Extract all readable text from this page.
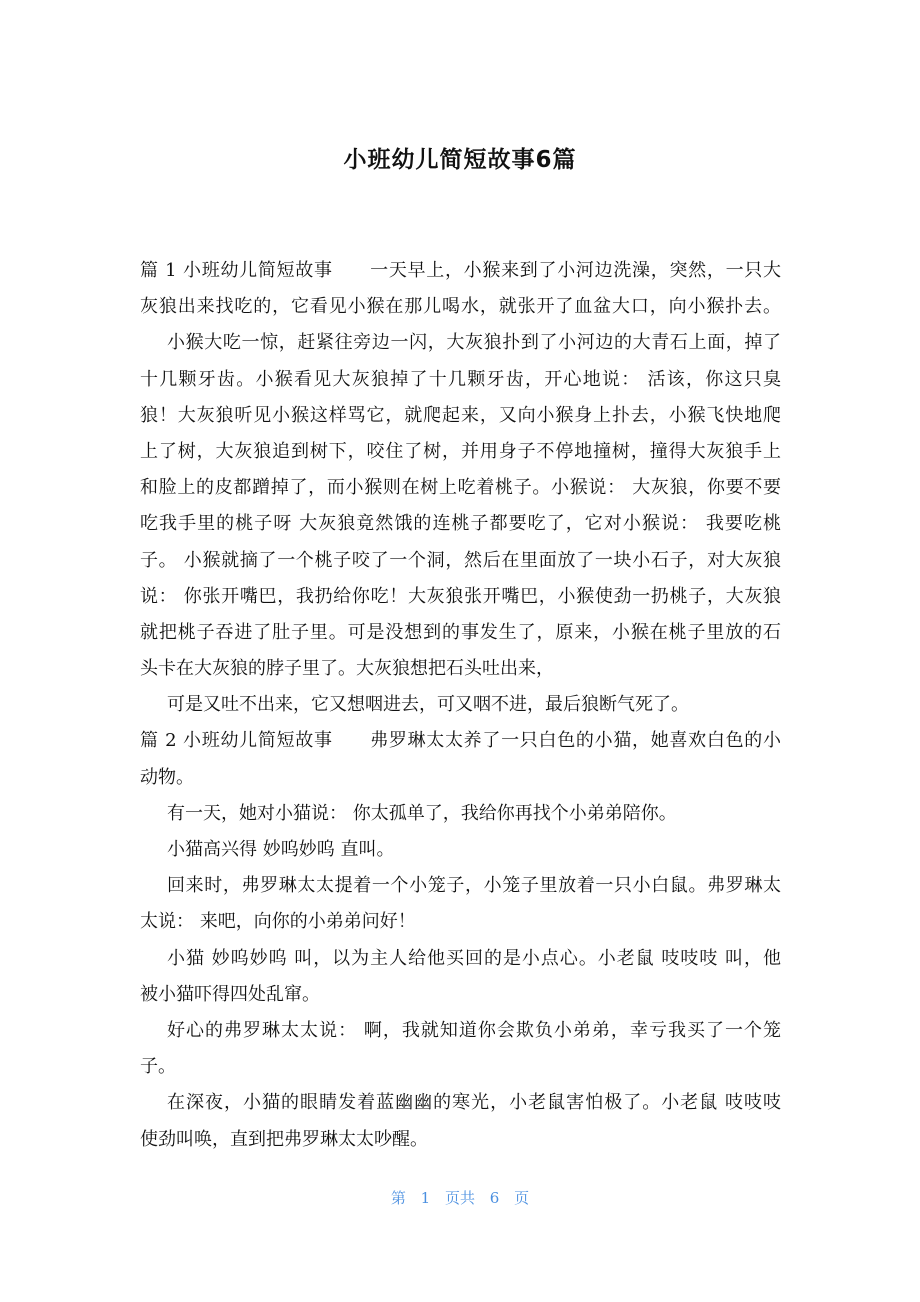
小班幼儿简短故事6篇
篇 1 小班幼儿简短故事　　一天早上，小猴来到了小河边洗澡，突然，一只大
灰狼出来找吃的，它看见小猴在那儿喝水，就张开了血盆大口，向小猴扑去。
小猴大吃一惊，赶紧往旁边一闪，大灰狼扑到了小河边的大青石上面，掉了
十几颗牙齿。小猴看见大灰狼掉了十几颗牙齿，开心地说： 活该，你这只臭
狼！大灰狼听见小猴这样骂它，就爬起来，又向小猴身上扑去，小猴飞快地爬
上了树，大灰狼追到树下，咬住了树，并用身子不停地撞树，撞得大灰狼手上
和脸上的皮都蹭掉了，而小猴则在树上吃着桃子。小猴说： 大灰狼，你要不要
吃我手里的桃子呀 大灰狼竟然饿的连桃子都要吃了，它对小猴说： 我要吃桃
子。 小猴就摘了一个桃子咬了一个洞，然后在里面放了一块小石子，对大灰狼
说： 你张开嘴巴，我扔给你吃！大灰狼张开嘴巴，小猴使劲一扔桃子，大灰狼
就把桃子吞进了肚子里。可是没想到的事发生了，原来，小猴在桃子里放的石
头卡在大灰狼的脖子里了。大灰狼想把石头吐出来，
可是又吐不出来，它又想咽进去，可又咽不进，最后狼断气死了。
篇 2 小班幼儿简短故事　　弗罗琳太太养了一只白色的小猫，她喜欢白色的小
动物。
有一天，她对小猫说： 你太孤单了，我给你再找个小弟弟陪你。
小猫高兴得 妙呜妙呜 直叫。
回来时，弗罗琳太太提着一个小笼子，小笼子里放着一只小白鼠。弗罗琳太
太说： 来吧，向你的小弟弟问好！
小猫 妙呜妙呜 叫，以为主人给他买回的是小点心。小老鼠 吱吱吱 叫，他
被小猫吓得四处乱窜。
好心的弗罗琳太太说： 啊，我就知道你会欺负小弟弟，幸亏我买了一个笼
子。
在深夜，小猫的眼睛发着蓝幽幽的寒光，小老鼠害怕极了。小老鼠 吱吱吱
使劲叫唤，直到把弗罗琳太太吵醒。
第 1 页共 6 页
